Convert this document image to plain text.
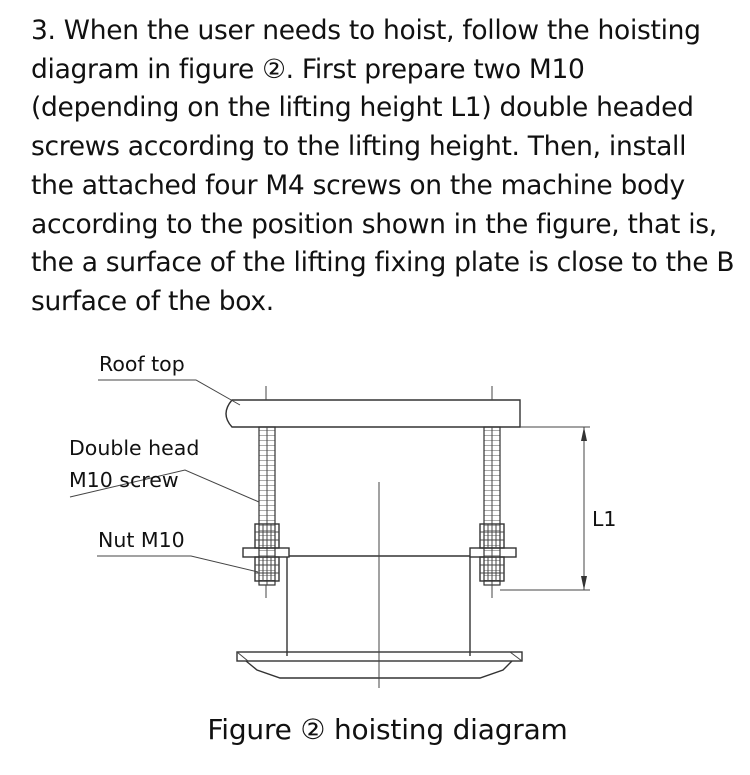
3. When the user needs to hoist, follow the hoisting diagram in figure ②. First prepare two M10 (depending on the lifting height L1) double headed screws according to the lifting height. Then, install the attached four M4 screws on the machine body according to the position shown in the figure, that is, the a surface of the lifting fixing plate is close to the B surface of the box.

L1
Roof top
Double head
M10 screw
Nut M10
Figure ② hoisting diagram
